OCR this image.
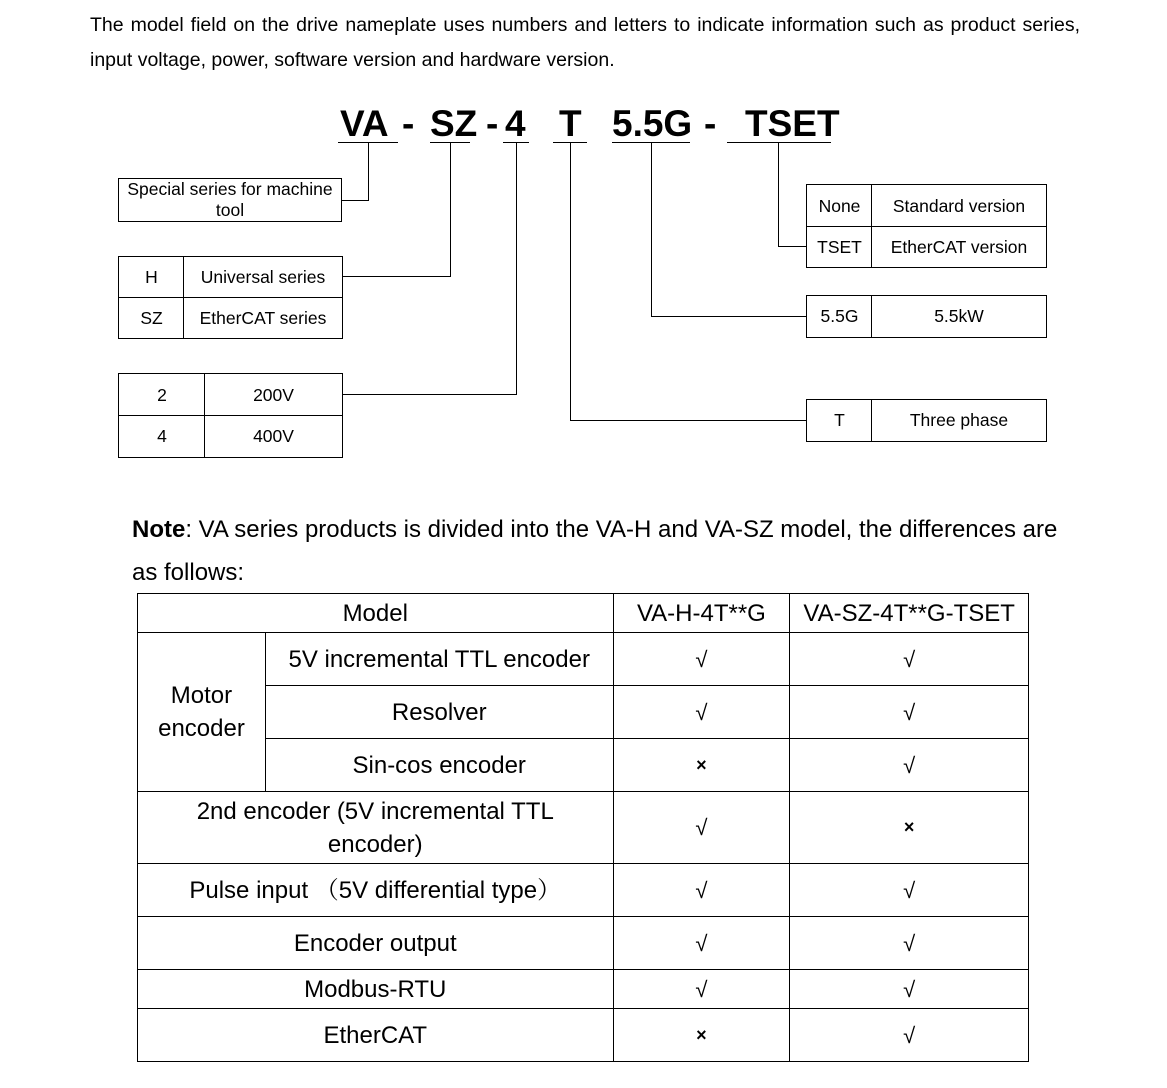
The model field on the drive nameplate uses numbers and letters to indicate information such as product series, input voltage, power, software version and hardware version.
VA - SZ - 4 T 5.5G - TSET
Special series for machine tool
H	Universal series
SZ	EtherCAT series
2	200V
4	400V
None	Standard version
TSET	EtherCAT version
5.5G	5.5kW
T	Three phase
Note: VA series products is divided into the VA-H and VA-SZ model, the differences are as follows:
Model		VA-H-4T**G	VA-SZ-4T**G-TSET
Motor encoder	5V incremental TTL encoder	√	√
	Resolver	√	√
	Sin-cos encoder	×	√
2nd encoder (5V incremental TTL encoder)		√	×
Pulse input （5V differential type）		√	√
Encoder output		√	√
Modbus-RTU		√	√
EtherCAT		×	√
